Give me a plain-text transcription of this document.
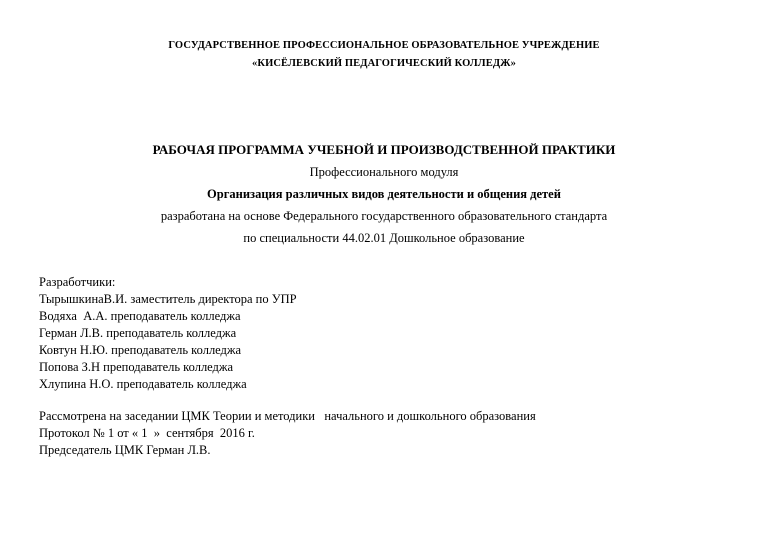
ГОСУДАРСТВЕННОЕ ПРОФЕССИОНАЛЬНОЕ ОБРАЗОВАТЕЛЬНОЕ УЧРЕЖДЕНИЕ
«КИСЁЛЕВСКИЙ ПЕДАГОГИЧЕСКИЙ КОЛЛЕДЖ»
РАБОЧАЯ ПРОГРАММА УЧЕБНОЙ И ПРОИЗВОДСТВЕННОЙ ПРАКТИКИ
Профессионального модуля
Организация различных видов деятельности и общения детей
разработана на основе Федерального государственного образовательного стандарта
по специальности 44.02.01 Дошкольное образование
Разработчики:
ТырышкинаВ.И. заместитель директора по УПР
Водяха  А.А. преподаватель колледжа
Герман Л.В. преподаватель колледжа
Ковтун Н.Ю. преподаватель колледжа
Попова З.Н преподаватель колледжа
Хлупина Н.О. преподаватель колледжа
Рассмотрена на заседании ЦМК Теории и методики   начального и дошкольного образования
Протокол № 1 от « 1  »  сентября  2016 г.
Председатель ЦМК Герман Л.В.
